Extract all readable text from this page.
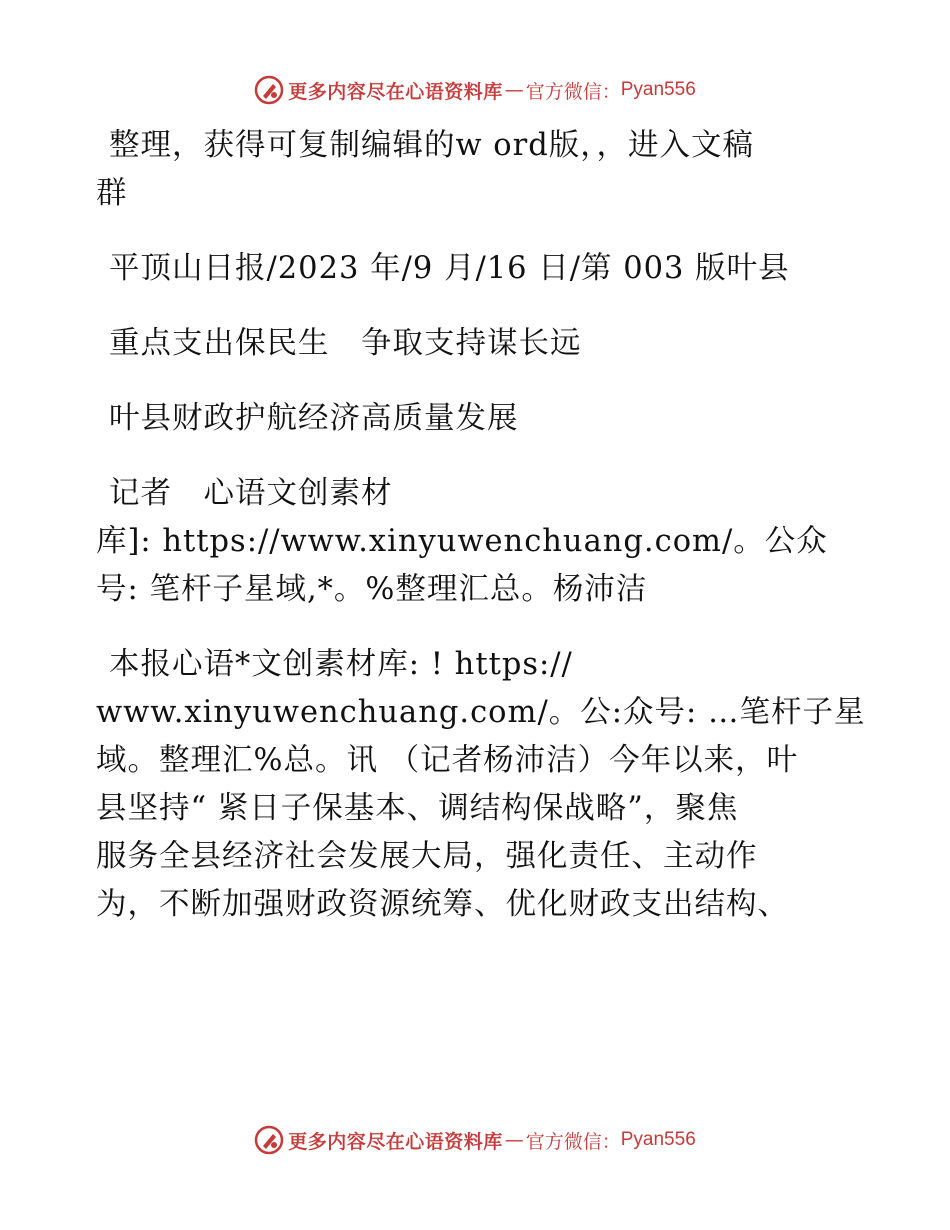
更多内容尽在心语资料库 — 官方微信： Pyan556
整理，获得可复制编辑的w ord版，，进入文稿
群
平顶山日报/2023 年/9 月/16 日/第 003 版叶县
重点支出保民生　争取支持谋长远
叶县财政护航经济高质量发展
记者　心语文创素材
库]: https://www.xinyuwenchuang.com/。公众
号: 笔杆子星域,*。%整理汇总。杨沛洁
本报心语*文创素材库: ! https://
www.xinyuwenchuang.com/。公:众号: …笔杆子星
域。整理汇%总。讯 （记者杨沛洁）今年以来，叶
县坚持“ 紧日子保基本、调结构保战略”，聚焦
服务全县经济社会发展大局，强化责任、主动作
为，不断加强财政资源统筹、优化财政支出结构、
更多内容尽在心语资料库 — 官方微信： Pyan556
